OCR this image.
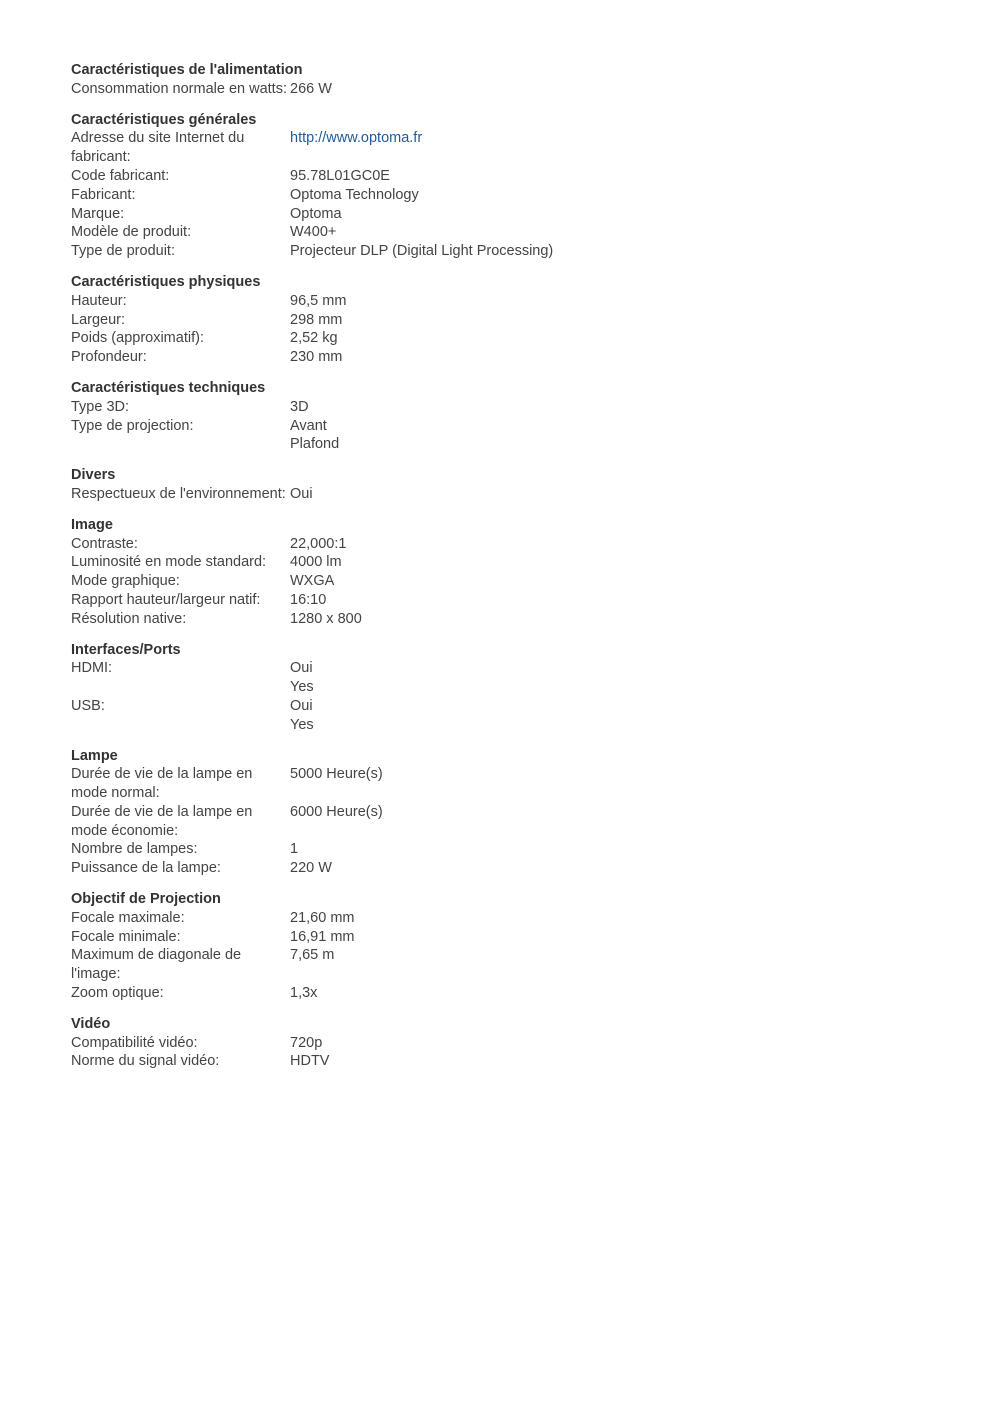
Caractéristiques de l'alimentation
Consommation normale en watts: 266 W
Caractéristiques générales
Adresse du site Internet du fabricant:
http://www.optoma.fr
Code fabricant:	95.78L01GC0E
Fabricant:	Optoma Technology
Marque:	Optoma
Modèle de produit:	W400+
Type de produit:	Projecteur DLP (Digital Light Processing)
Caractéristiques physiques
Hauteur:	96,5 mm
Largeur:	298 mm
Poids (approximatif):	2,52 kg
Profondeur:	230 mm
Caractéristiques techniques
Type 3D:	3D
Type de projection:	Avant
Plafond
Divers
Respectueux de l'environnement: Oui
Image
Contraste:	22,000:1
Luminosité en mode standard:	4000 lm
Mode graphique:	WXGA
Rapport hauteur/largeur natif:	16:10
Résolution native:	1280 x 800
Interfaces/Ports
HDMI:	Oui
Yes
USB:	Oui
Yes
Lampe
Durée de vie de la lampe en mode normal:
5000 Heure(s)
Durée de vie de la lampe en mode économie:
6000 Heure(s)
Nombre de lampes:	1
Puissance de la lampe:	220 W
Objectif de Projection
Focale maximale:	21,60 mm
Focale minimale:	16,91 mm
Maximum de diagonale de l'image:
7,65 m
Zoom optique:	1,3x
Vidéo
Compatibilité vidéo:	720p
Norme du signal vidéo:	HDTV
